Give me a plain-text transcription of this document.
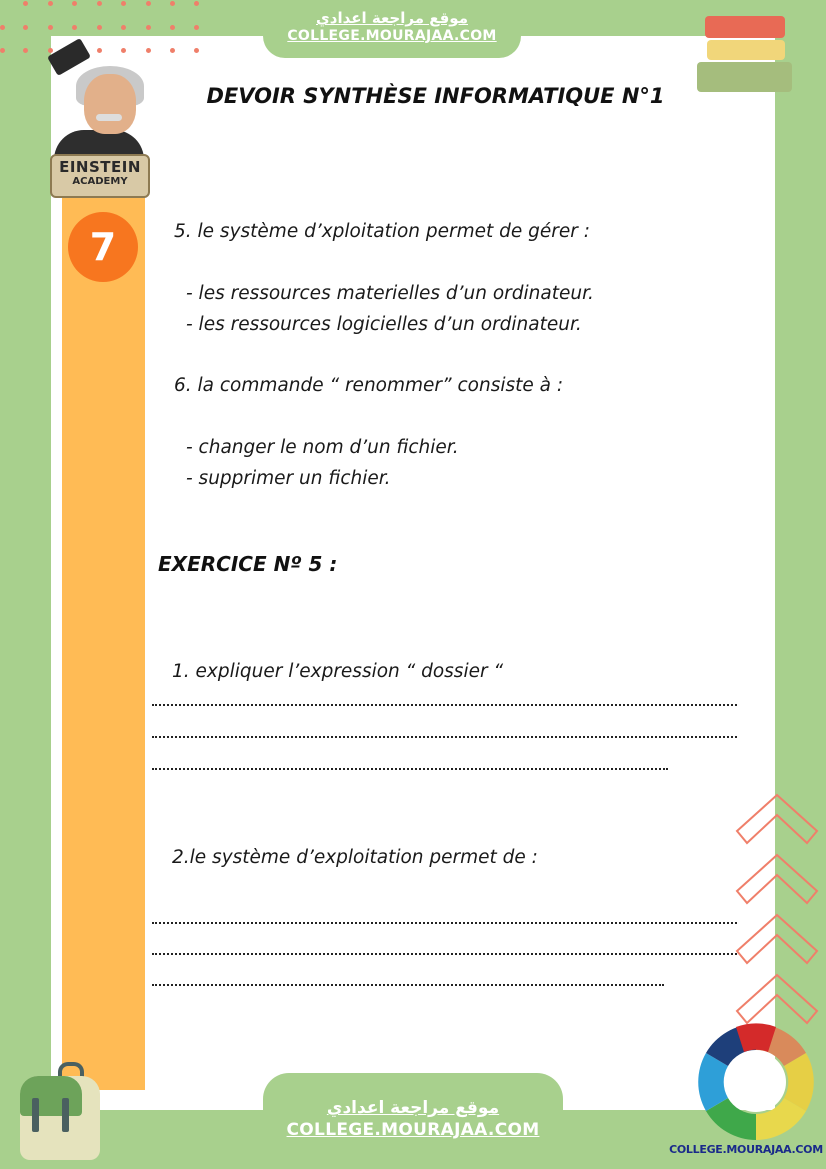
موقع مراجعة اعدادي
COLLEGE.MOURAJAA.COM
EINSTEIN
ACADEMY
7
DEVOIR SYNTHÈSE INFORMATIQUE N°1
5. le système d’xploitation permet de gérer :
- les ressources materielles d’un ordinateur.
- les ressources logicielles d’un ordinateur.
6. la commande “ renommer” consiste à :
- changer le nom d’un fichier.
- supprimer un fichier.
EXERCICE Nº 5 :
1. expliquer l’expression “ dossier “
2.le système d’exploitation permet de :
موقع مراجعة اعدادي
COLLEGE.MOURAJAA.COM
COLLEGE.MOURAJAA.COM
